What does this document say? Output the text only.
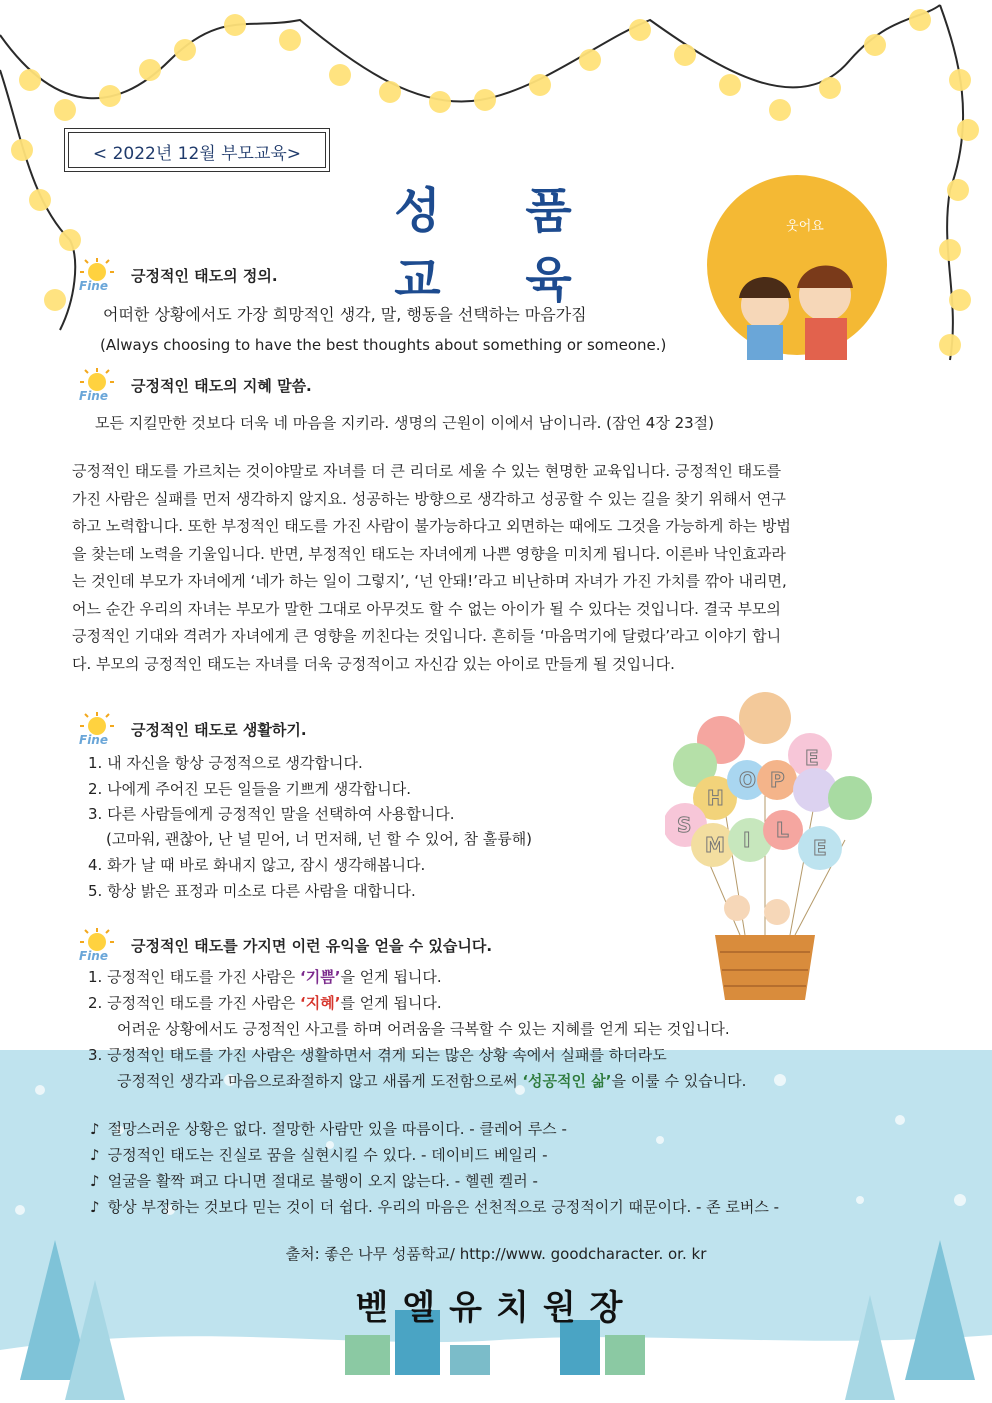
< 2022년 12월 부모교육>
성 품 교 육
웃어요
Fine
긍정적인 태도의 정의.
어떠한 상황에서도 가장 희망적인 생각, 말, 행동을 선택하는 마음가짐
(Always choosing to have the best thoughts about something or someone.)
Fine
긍정적인 태도의 지혜 말씀.
모든 지킬만한 것보다 더욱 네 마음을 지키라. 생명의 근원이 이에서 남이니라. (잠언 4장 23절)
긍정적인 태도를 가르치는 것이야말로 자녀를 더 큰 리더로 세울 수 있는 현명한 교육입니다. 긍정적인 태도를
가진 사람은 실패를 먼저 생각하지 않지요. 성공하는 방향으로 생각하고 성공할 수 있는 길을 찾기 위해서 연구
하고 노력합니다. 또한 부정적인 태도를 가진 사람이 불가능하다고 외면하는 때에도 그것을 가능하게 하는 방법
을 찾는데 노력을 기울입니다. 반면, 부정적인 태도는 자녀에게 나쁜 영향을 미치게 됩니다. 이른바 낙인효과라
는 것인데 부모가 자녀에게 ‘네가 하는 일이 그렇지’, ‘넌 안돼!’라고 비난하며 자녀가 가진 가치를 깎아 내리면,
어느 순간 우리의 자녀는 부모가 말한 그대로 아무것도 할 수 없는 아이가 될 수 있다는 것입니다. 결국 부모의
긍정적인 기대와 격려가 자녀에게 큰 영향을 끼친다는 것입니다. 흔히들 ‘마음먹기에 달렸다’라고 이야기 합니
다. 부모의 긍정적인 태도는 자녀를 더욱 긍정적이고 자신감 있는 아이로 만들게 될 것입니다.
Fine
긍정적인 태도로 생활하기.
1. 내 자신을 항상 긍정적으로 생각합니다.
2. 나에게 주어진 모든 일들을 기쁘게 생각합니다.
3. 다른 사람들에게 긍정적인 말을 선택하여 사용합니다.
(고마워, 괜찮아, 난 널 믿어, 너 먼저해, 넌 할 수 있어, 참 훌륭해)
4. 화가 날 때 바로 화내지 않고, 잠시 생각해봅니다.
5. 항상 밝은 표정과 미소로 다른 사람을 대합니다.
H
O P
E
S
M I L
E
Fine
긍정적인 태도를 가지면 이런 유익을 얻을 수 있습니다.
1. 긍정적인 태도를 가진 사람은 ‘기쁨’을 얻게 됩니다.
2. 긍정적인 태도를 가진 사람은 ‘지혜’를 얻게 됩니다.
어려운 상황에서도 긍정적인 사고를 하며 어려움을 극복할 수 있는 지혜를 얻게 되는 것입니다.
3. 긍정적인 태도를 가진 사람은 생활하면서 겪게 되는 많은 상황 속에서 실패를 하더라도
긍정적인 생각과 마음으로좌절하지 않고 새롭게 도전함으로써 ‘성공적인 삶’을 이룰 수 있습니다.
♪ 절망스러운 상황은 없다. 절망한 사람만 있을 따름이다. - 클레어 루스 -
♪ 긍정적인 태도는 진실로 꿈을 실현시킬 수 있다. - 데이비드 베일리 -
♪ 얼굴을 활짝 펴고 다니면 절대로 불행이 오지 않는다. - 헬렌 켈러 -
♪ 항상 부정하는 것보다 믿는 것이 더 쉽다. 우리의 마음은 선천적으로 긍정적이기 때문이다. - 존 로버스 -
출처: 좋은 나무 성품학교/ http://www. goodcharacter. or. kr
벧엘유치원장
